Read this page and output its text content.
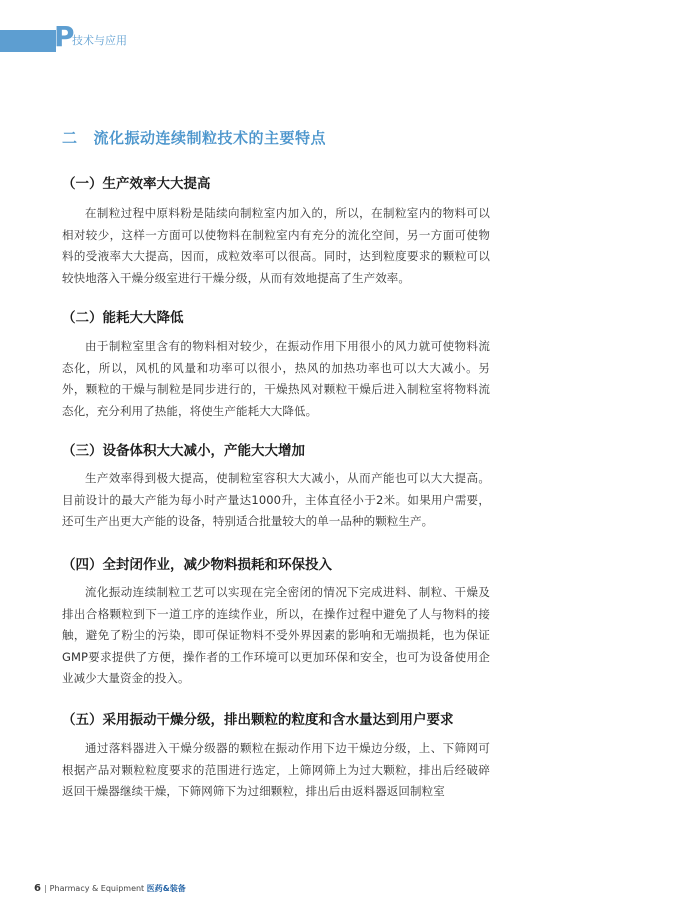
P
技术与应用
二 流化振动连续制粒技术的主要特点
（一）生产效率大大提高
在制粒过程中原料粉是陆续向制粒室内加入的，所以，在制粒室内的物料可以相对较少，这样一方面可以使物料在制粒室内有充分的流化空间，另一方面可使物料的受液率大大提高，因而，成粒效率可以很高。同时，达到粒度要求的颗粒可以较快地落入干燥分级室进行干燥分级，从而有效地提高了生产效率。
（二）能耗大大降低
由于制粒室里含有的物料相对较少，在振动作用下用很小的风力就可使物料流态化，所以，风机的风量和功率可以很小，热风的加热功率也可以大大减小。另外，颗粒的干燥与制粒是同步进行的，干燥热风对颗粒干燥后进入制粒室将物料流态化，充分利用了热能，将使生产能耗大大降低。
（三）设备体积大大减小，产能大大增加
生产效率得到极大提高，使制粒室容积大大减小，从而产能也可以大大提高。目前设计的最大产能为每小时产量达1000升，主体直径小于2米。如果用户需要，还可生产出更大产能的设备，特别适合批量较大的单一品种的颗粒生产。
（四）全封闭作业，减少物料损耗和环保投入
流化振动连续制粒工艺可以实现在完全密闭的情况下完成进料、制粒、干燥及排出合格颗粒到下一道工序的连续作业，所以，在操作过程中避免了人与物料的接触，避免了粉尘的污染，即可保证物料不受外界因素的影响和无端损耗，也为保证GMP要求提供了方便，操作者的工作环境可以更加环保和安全，也可为设备使用企业减少大量资金的投入。
（五）采用振动干燥分级，排出颗粒的粒度和含水量达到用户要求
通过落料器进入干燥分级器的颗粒在振动作用下边干燥边分级，上、下筛网可根据产品对颗粒粒度要求的范围进行选定，上筛网筛上为过大颗粒，排出后经破碎返回干燥器继续干燥，下筛网筛下为过细颗粒，排出后由返料器返回制粒室
6 | Pharmacy & Equipment 医药&装备
